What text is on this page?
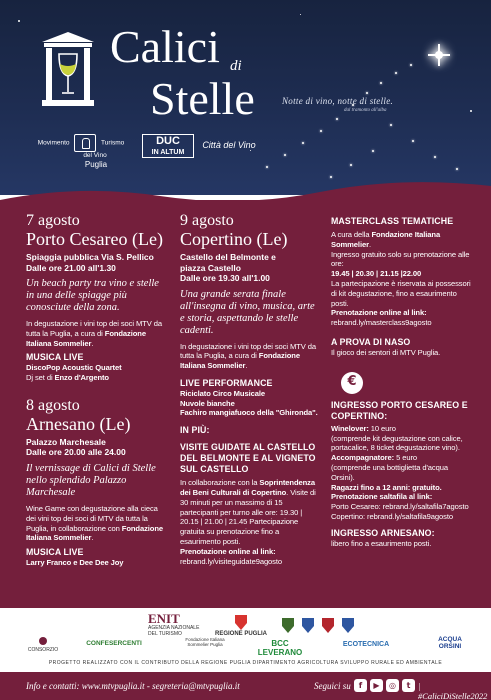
Calici di
Stelle	Notte di vino, notte di stelle.
dal tramonto all'alba
Movimento	Turismo
del Vino
Puglia
DUC
IN ALTUM
Città del Vino
7 agosto
Porto Cesareo (Le)
Spiaggia pubblica Via S. Pellico
Dalle ore 21.00 all'1.30
Un beach party tra vino e stelle in una delle spiagge più conosciute della zona.
In degustazione i vini top dei soci MTV da tutta la Puglia, a cura di Fondazione Italiana Sommelier.
MUSICA LIVE
DiscoPop Acoustic Quartet
Dj set di Enzo d'Argento
8 agosto
Arnesano (Le)
Palazzo Marchesale
Dalle ore 20.00 alle 24.00
Il vernissage di Calici di Stelle nello splendido Palazzo Marchesale
Wine Game con degustazione alla cieca dei vini top dei soci di MTV da tutta la Puglia, in collaborazione con Fondazione Italiana Sommelier.
MUSICA LIVE
Larry Franco e Dee Dee Joy
9 agosto
Copertino (Le)
Castello del Belmonte e
piazza Castello
Dalle ore 19.30 all'1.00
Una grande serata finale all'insegna di vino, musica, arte e storia, aspettando le stelle cadenti.
In degustazione i vini top dei soci MTV da tutta la Puglia, a cura di Fondazione Italiana Sommelier.
LIVE PERFORMANCE
Riciclato Circo Musicale
Nuvole bianche
Fachiro mangiafuoco della "Ghironda".
IN PIÙ:
VISITE GUIDATE AL CASTELLO DEL BELMONTE E AL VIGNETO SUL CASTELLO
In collaborazione con la Soprintendenza dei Beni Culturali di Copertino. Visite di 30 minuti per un massimo di 15 partecipanti per turno alle ore: 19.30 | 20.15 | 21.00 | 21.45 Partecipazione gratuita su prenotazione fino a esaurimento posti.
Prenotazione online al link:
rebrand.ly/visiteguidate9agosto
MASTERCLASS TEMATICHE
A cura della Fondazione Italiana Sommelier.
Ingresso gratuito solo su prenotazione alle ore:
19.45 | 20.30 | 21.15 |22.00
La partecipazione è riservata ai possessori di kit degustazione, fino a esaurimento posti.
Prenotazione online al link:
rebrand.ly/masterclass9agosto
A PROVA DI NASO
Il gioco dei sentori di MTV Puglia.
€
INGRESSO PORTO CESAREO E COPERTINO:
Winelover: 10 euro
(comprende kit degustazione con calice, portacalice, 8 ticket degustazione vino).
Accompagnatore: 5 euro
(comprende una bottiglietta d'acqua Orsini).
Ragazzi fino a 12 anni: gratuito.
Prenotazione saltafila al link:
Porto Cesareo: rebrand.ly/saltafila7agosto
Copertino: rebrand.ly/saltafila9agosto
INGRESSO ARNESANO:
libero fino a esaurimento posti.
ENIT
AGENZIA NAZIONALE DEL TURISMO	REGIONE PUGLIA
CONSORZIO
CONFESERCENTI
Fondazione Italiana Sommelier Puglia	BCC LEVERANO
ECOTECNICA
ACQUA ORSINI
PROGETTO REALIZZATO CON IL CONTRIBUTO DELLA REGIONE PUGLIA DIPARTIMENTO AGRICOLTURA SVILUPPO RURALE ED AMBIENTALE
Info e contatti: www.mtvpuglia.it - segreteria@mtvpuglia.it	Seguici su	f	▶	◎	t | #CaliciDiStelle2022
